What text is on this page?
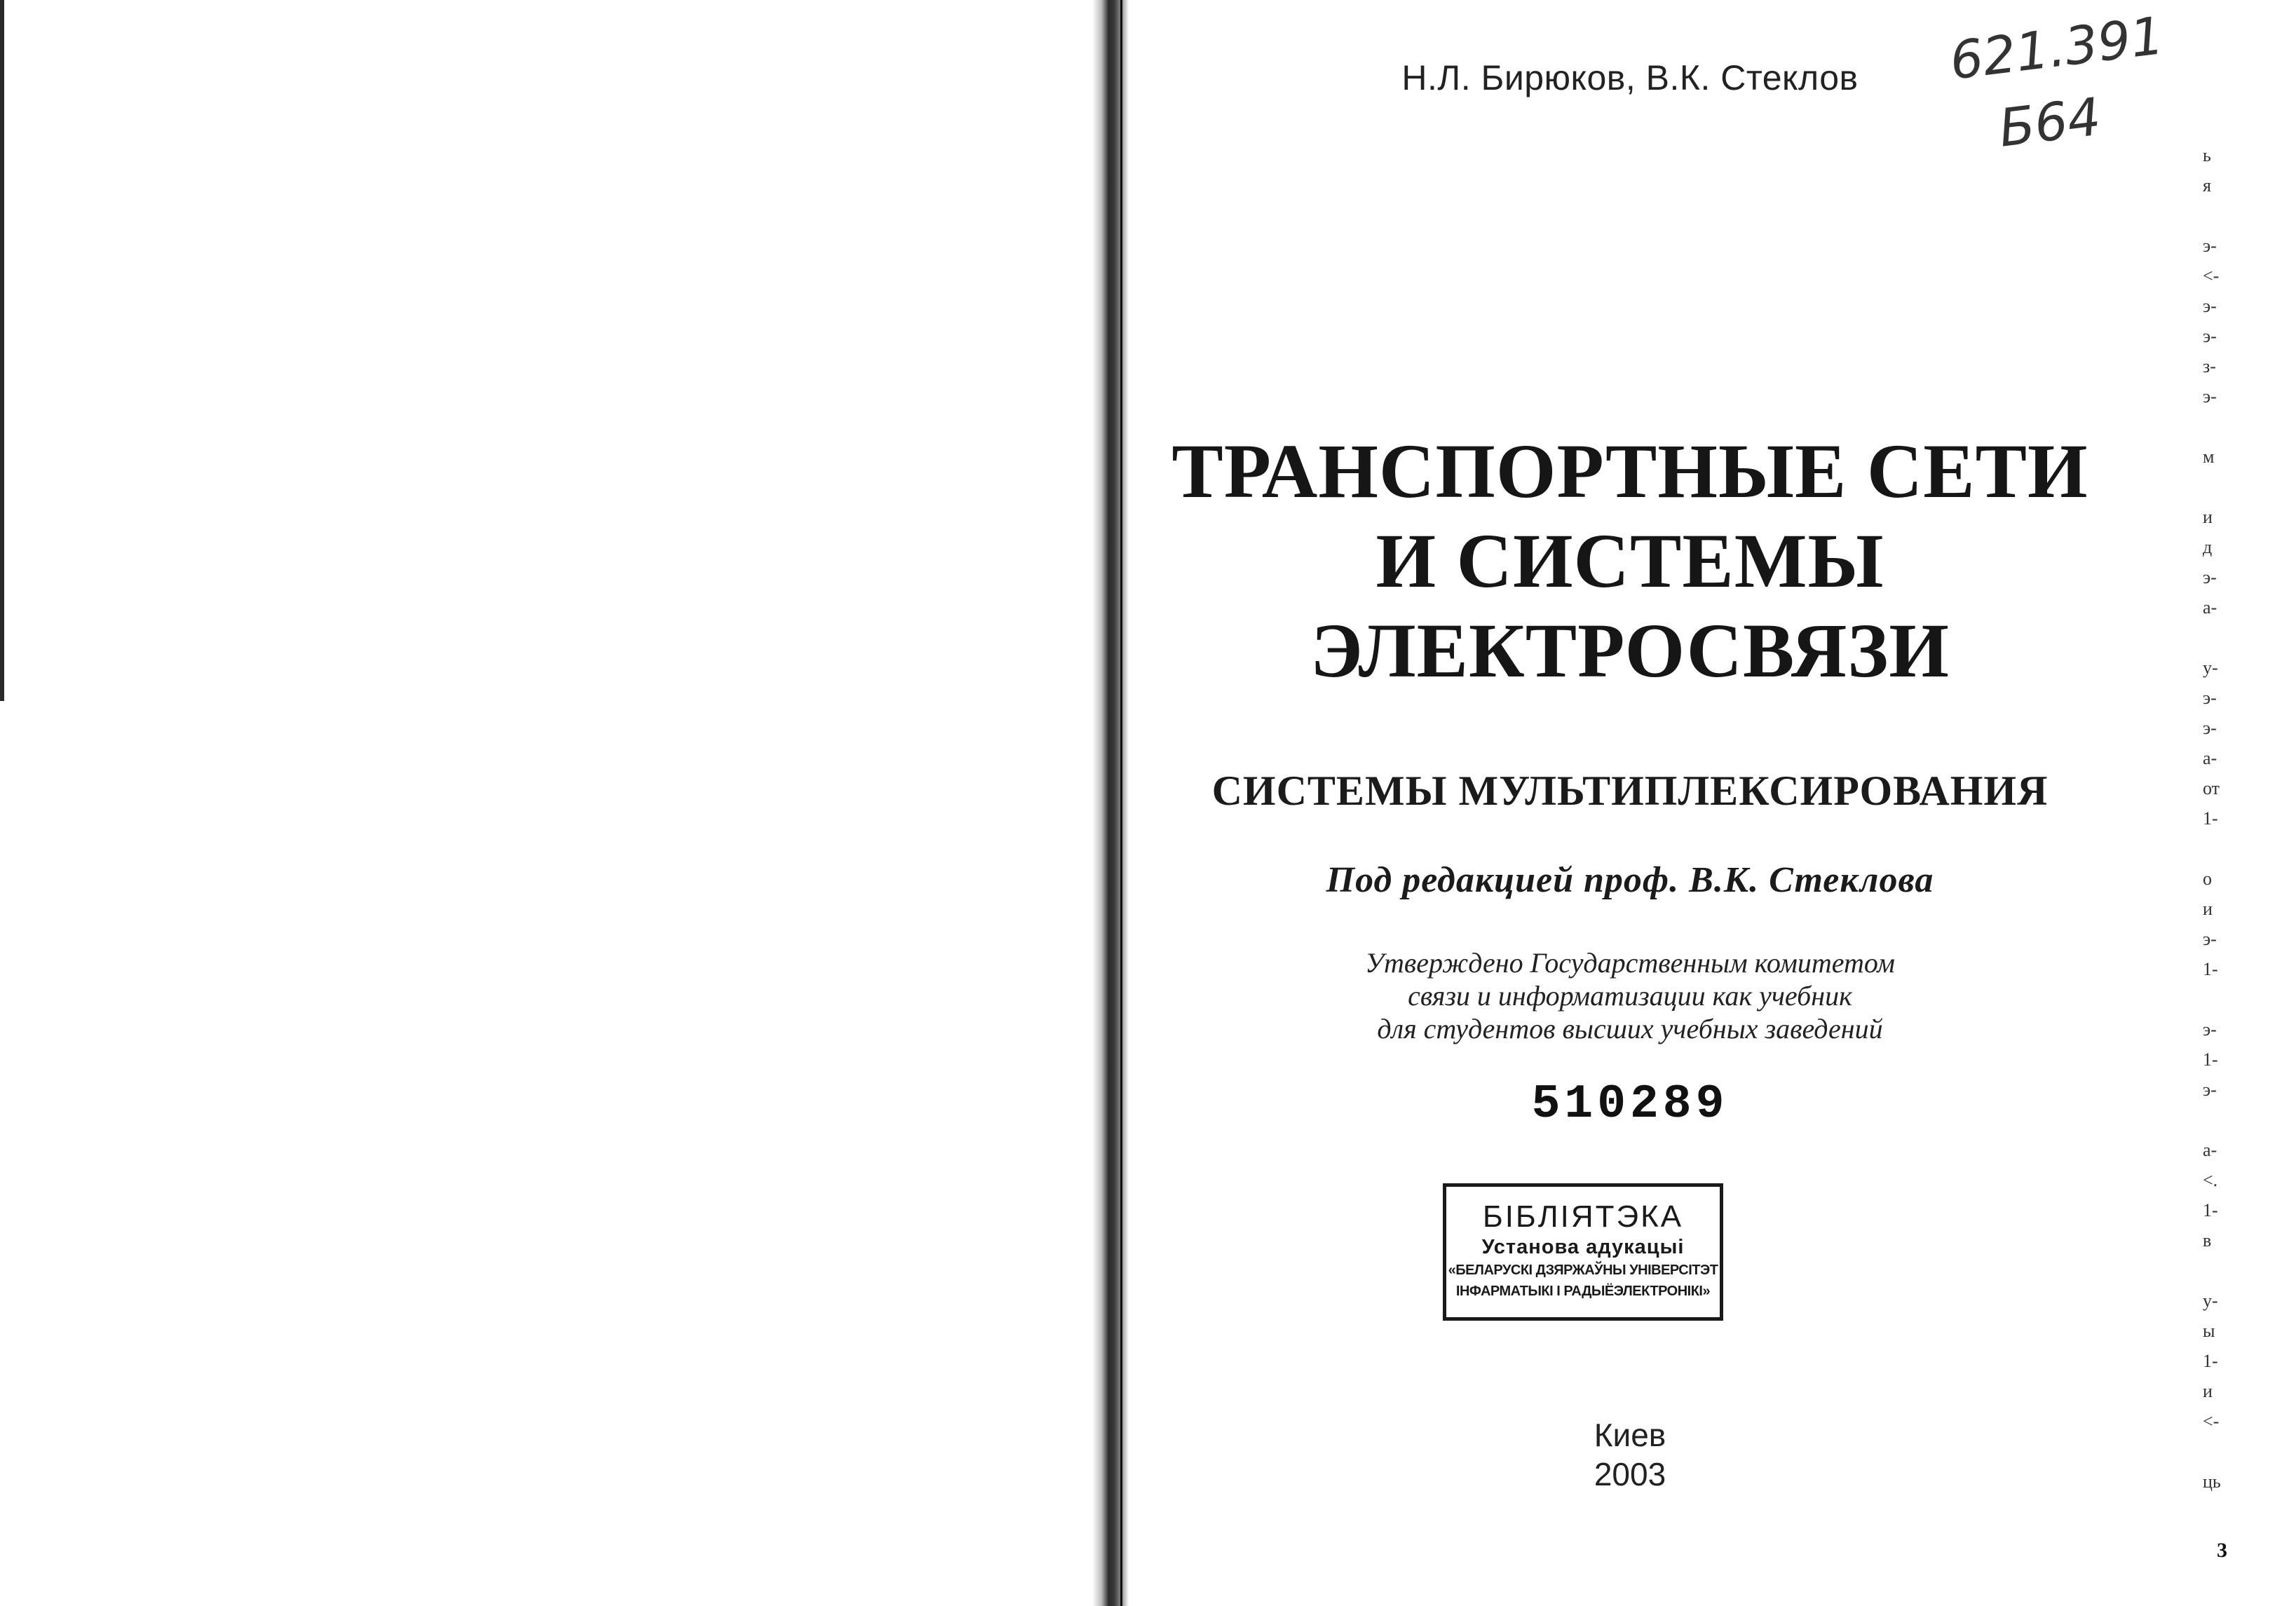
Н.Л. Бирюков, В.К. Стеклов	621.391
Б64
ТРАНСПОРТНЫЕ СЕТИ
И СИСТЕМЫ
ЭЛЕКТРОСВЯЗИ
СИСТЕМЫ МУЛЬТИПЛЕКСИРОВАНИЯ
Под редакцией проф. В.К. Стеклова
Утверждено Государственным комитетом
связи и информатизации как учебник
для студентов высших учебных заведений
510289
БІБЛІЯТЭКА
Установа адукацыі
«БЕЛАРУСКІ ДЗЯРЖАЎНЫ УНІВЕРСІТЭТ
ІНФАРМАТЫКІ І РАДЫЁЭЛЕКТРОНІКІ»
Киев
2003
ь
я
э-
<-
э-
э-
з-
э-
м
и
д
э-
а-
у-
э-
э-
а-
от
1-
о
и
э-
1-
э-
1-
э-
а-
<.
1-
в
у-
ы
1-
и
<-
ць
3
